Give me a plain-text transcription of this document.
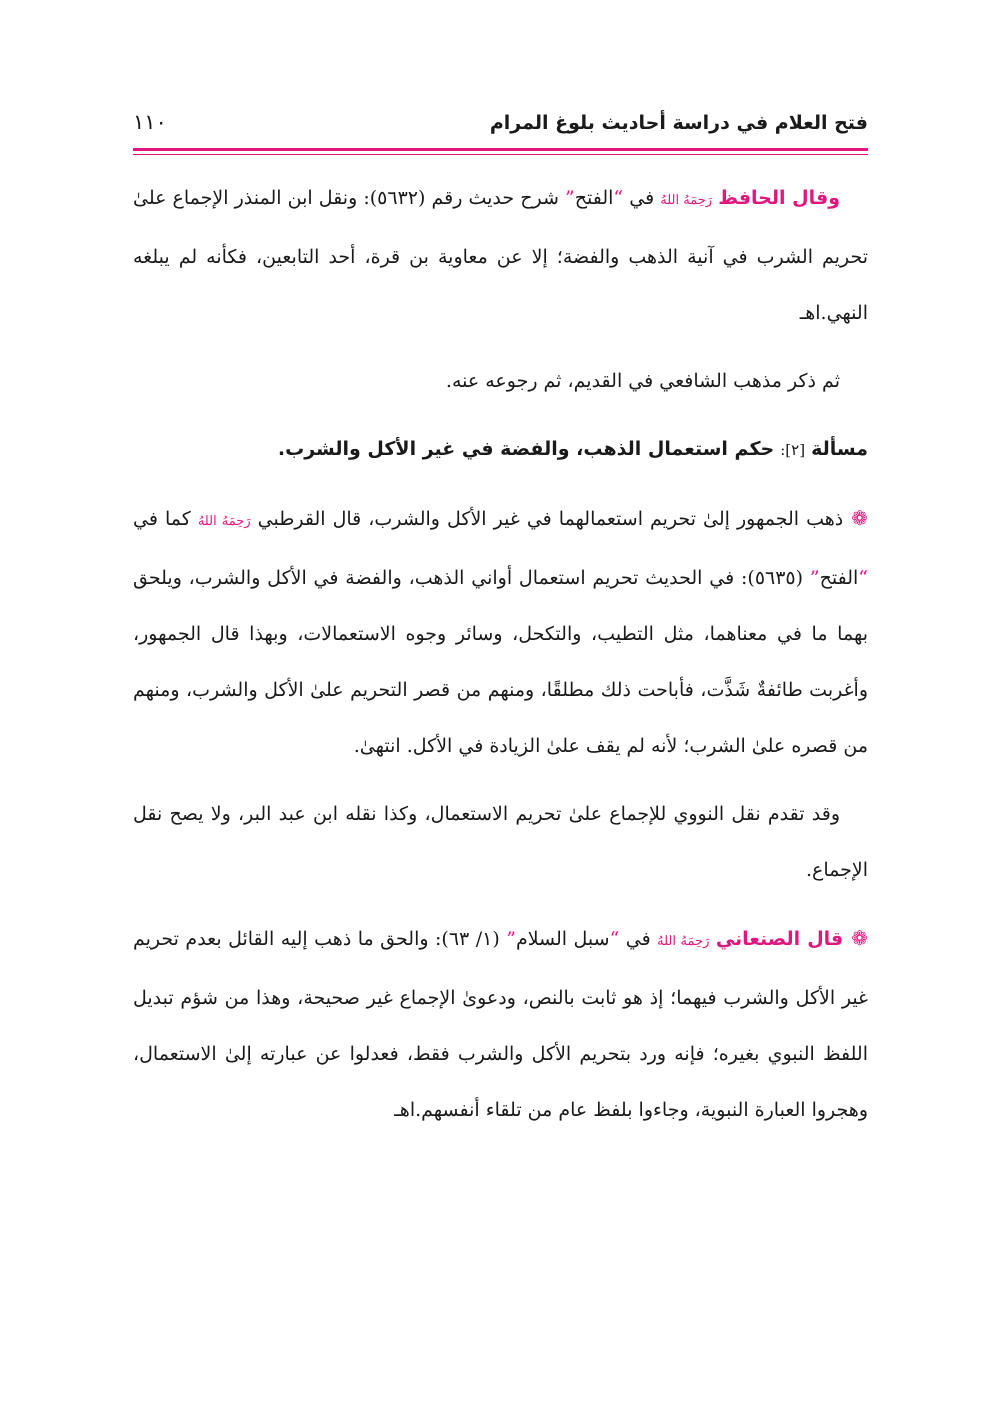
فتح العلام في دراسة أحاديث بلوغ المرام
١١٠

وقال الحافظ رَحِمَهُ اللهُ في “الفتح” شرح حديث رقم (٥٦٣٢): ونقل ابن المنذر الإجماع علىٰ تحريم الشرب في آنية الذهب والفضة؛ إلا عن معاوية بن قرة، أحد التابعين، فكأنه لم يبلغه النهي.اهـ

ثم ذكر مذهب الشافعي في القديم، ثم رجوعه عنه.

مسألة [٢]: حكم استعمال الذهب، والفضة في غير الأكل والشرب.

❁ذهب الجمهور إلىٰ تحريم استعمالهما في غير الأكل والشرب، قال القرطبي رَحِمَهُ اللهُ كما في “الفتح” (٥٦٣٥): في الحديث تحريم استعمال أواني الذهب، والفضة في الأكل والشرب، ويلحق بهما ما في معناهما، مثل التطيب، والتكحل، وسائر وجوه الاستعمالات، وبهذا قال الجمهور، وأغربت طائفةٌ شَذَّت، فأباحت ذلك مطلقًا، ومنهم من قصر التحريم علىٰ الأكل والشرب، ومنهم من قصره علىٰ الشرب؛ لأنه لم يقف علىٰ الزيادة في الأكل. انتهىٰ.

وقد تقدم نقل النووي للإجماع علىٰ تحريم الاستعمال، وكذا نقله ابن عبد البر، ولا يصح نقل الإجماع.

❁قال الصنعاني رَحِمَهُ اللهُ في “سبل السلام” (١/ ٦٣): والحق ما ذهب إليه القائل بعدم تحريم غير الأكل والشرب فيهما؛ إذ هو ثابت بالنص، ودعوىٰ الإجماع غير صحيحة، وهذا من شؤم تبديل اللفظ النبوي بغيره؛ فإنه ورد بتحريم الأكل والشرب فقط، فعدلوا عن عبارته إلىٰ الاستعمال، وهجروا العبارة النبوية، وجاءوا بلفظ عام من تلقاء أنفسهم.اهـ
